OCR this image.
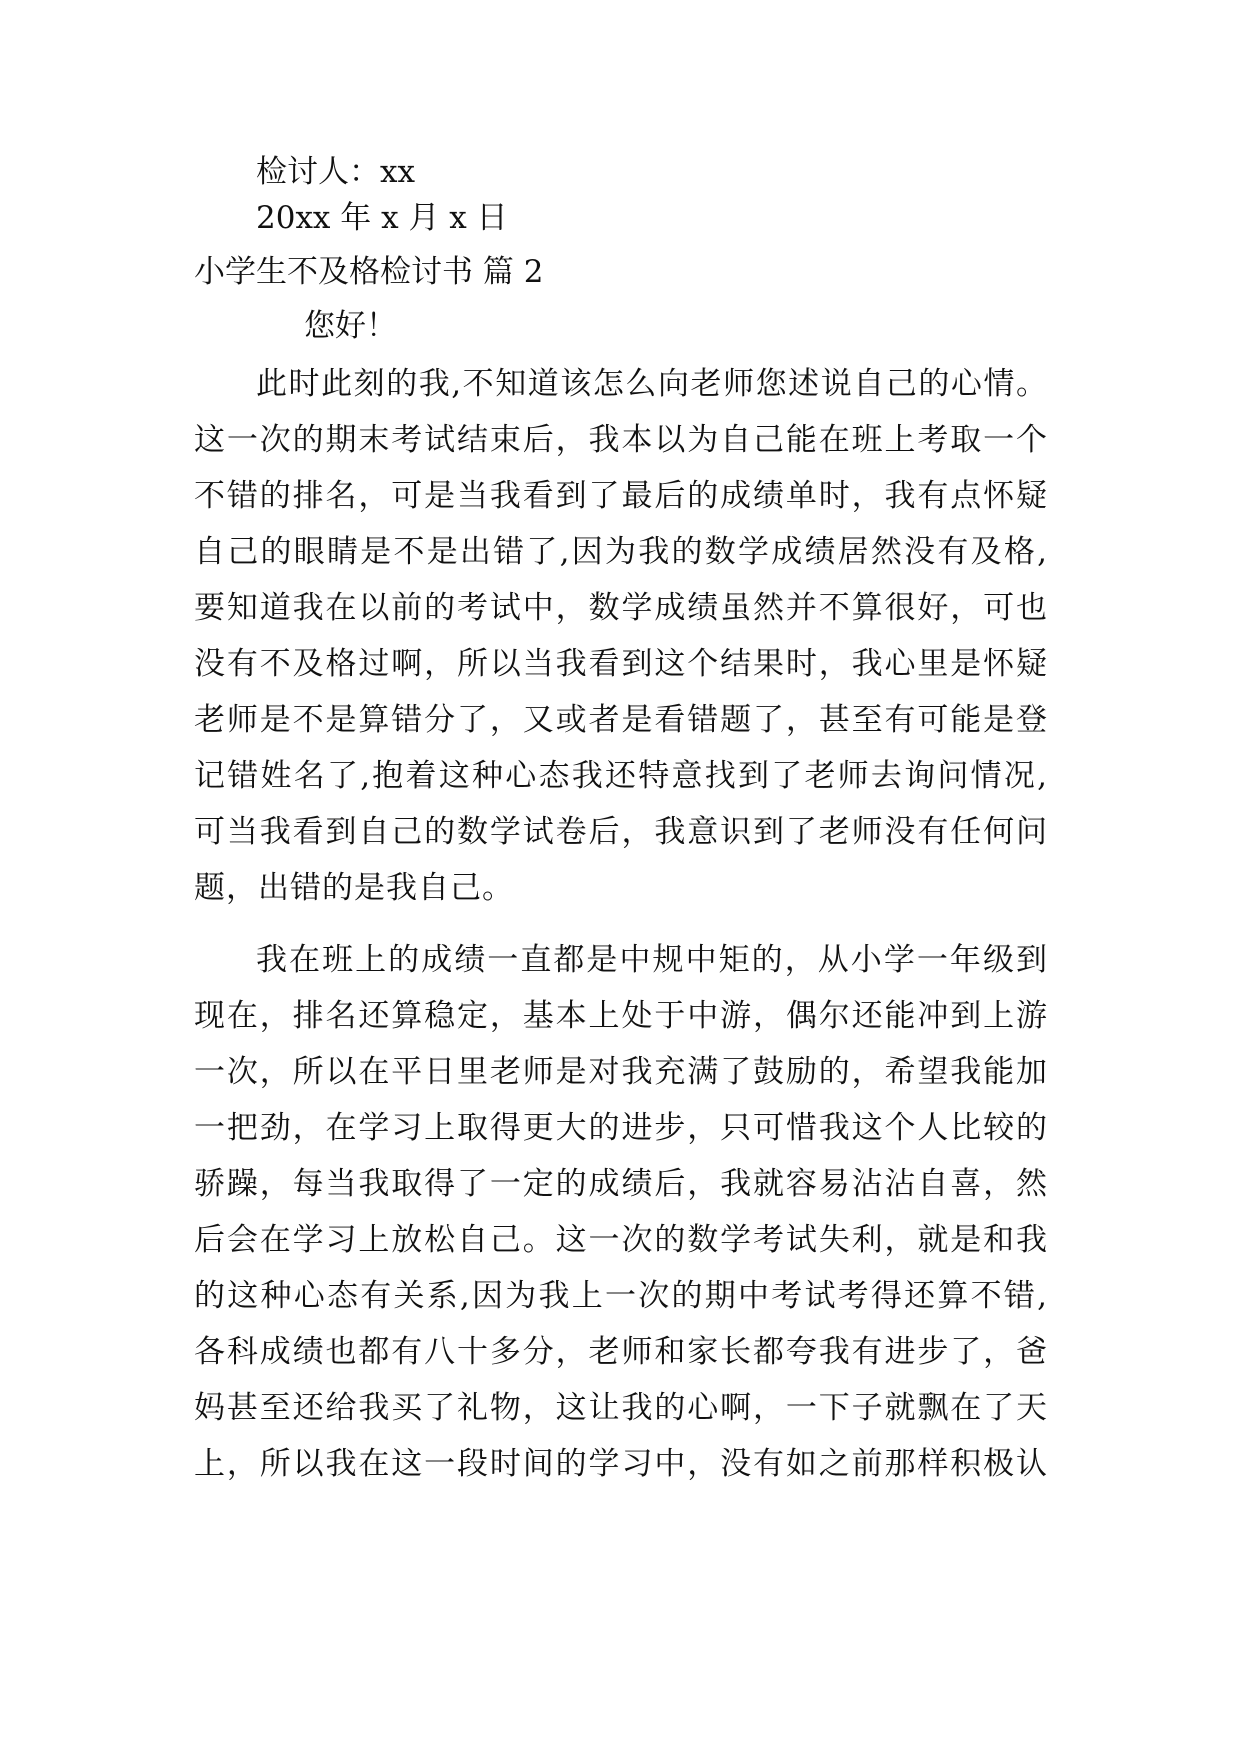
检讨人：xx
20xx 年 x 月 x 日
小学生不及格检讨书 篇 2
您好！
此时此刻的我,不知道该怎么向老师您述说自己的心情。
这一次的期末考试结束后，我本以为自己能在班上考取一个
不错的排名，可是当我看到了最后的成绩单时，我有点怀疑
自己的眼睛是不是出错了,因为我的数学成绩居然没有及格,
要知道我在以前的考试中，数学成绩虽然并不算很好，可也
没有不及格过啊，所以当我看到这个结果时，我心里是怀疑
老师是不是算错分了，又或者是看错题了，甚至有可能是登
记错姓名了,抱着这种心态我还特意找到了老师去询问情况,
可当我看到自己的数学试卷后，我意识到了老师没有任何问
题，出错的是我自己。
我在班上的成绩一直都是中规中矩的，从小学一年级到
现在，排名还算稳定，基本上处于中游，偶尔还能冲到上游
一次，所以在平日里老师是对我充满了鼓励的，希望我能加
一把劲，在学习上取得更大的进步，只可惜我这个人比较的
骄躁，每当我取得了一定的成绩后，我就容易沾沾自喜，然
后会在学习上放松自己。这一次的数学考试失利，就是和我
的这种心态有关系,因为我上一次的期中考试考得还算不错,
各科成绩也都有八十多分，老师和家长都夸我有进步了，爸
妈甚至还给我买了礼物，这让我的心啊，一下子就飘在了天
上，所以我在这一段时间的学习中，没有如之前那样积极认
